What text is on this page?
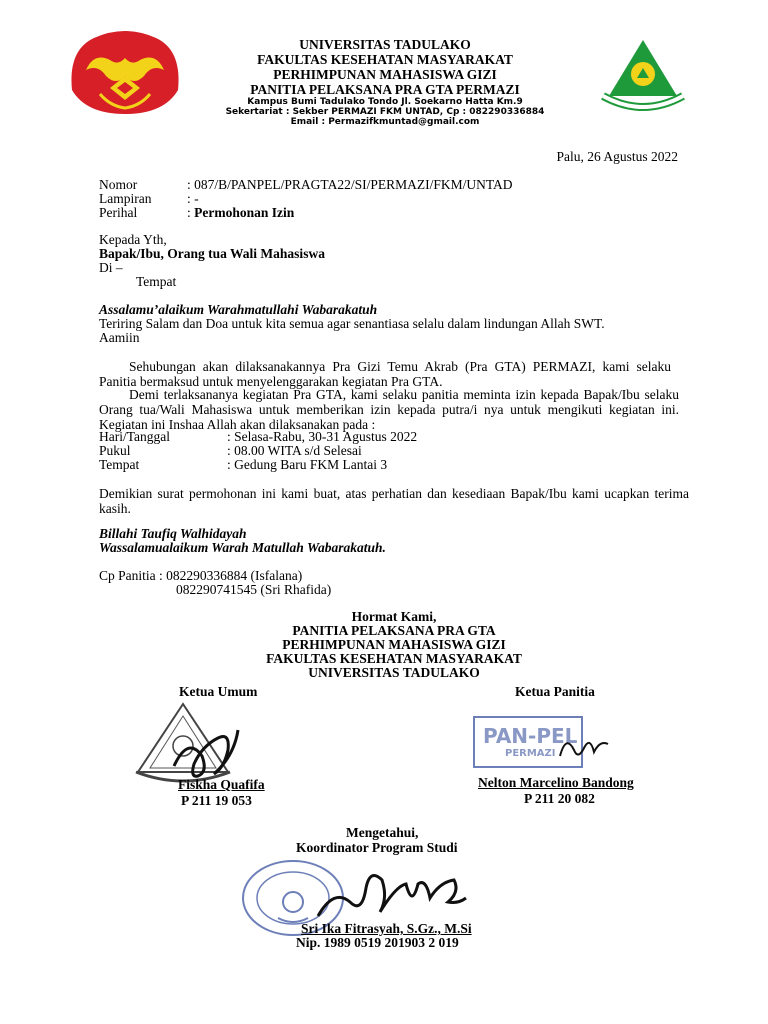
UNIVERSITAS TADULAKO
FAKULTAS KESEHATAN MASYARAKAT
PERHIMPUNAN MAHASISWA GIZI
PANITIA PELAKSANA PRA GTA PERMAZI
Kampus Bumi Tadulako Tondo Jl. Soekarno Hatta Km.9
Sekertariat : Sekber PERMAZI FKM UNTAD, Cp : 082290336884
Email : Permazifkmuntad@gmail.com
Palu, 26 Agustus 2022
Nomor	: 087/B/PANPEL/PRAGTA22/SI/PERMAZI/FKM/UNTAD
Lampiran	: -
Perihal	: Permohonan Izin
Kepada Yth,
Bapak/Ibu, Orang tua Wali Mahasiswa
Di –
Tempat
Assalamu’alaikum Warahmatullahi Wabarakatuh
Teriring Salam dan Doa untuk kita semua agar senantiasa selalu dalam lindungan Allah SWT.
Aamiin
Sehubungan akan dilaksanakannya Pra Gizi Temu Akrab (Pra GTA) PERMAZI, kami selaku Panitia bermaksud untuk menyelenggarakan kegiatan Pra GTA.
Demi terlaksananya kegiatan Pra GTA, kami selaku panitia meminta izin kepada Bapak/Ibu selaku Orang tua/Wali Mahasiswa untuk memberikan izin kepada putra/i nya untuk mengikuti kegiatan ini. Kegiatan ini Inshaa Allah akan dilaksanakan pada :
Hari/Tanggal	: Selasa-Rabu, 30-31 Agustus 2022
Pukul	: 08.00 WITA s/d Selesai
Tempat	: Gedung Baru FKM Lantai 3
Demikian surat permohonan ini kami buat, atas perhatian dan kesediaan Bapak/Ibu kami ucapkan terima kasih.
Billahi Taufiq Walhidayah
Wassalamualaikum Warah Matullah Wabarakatuh.
Cp Panitia : 082290336884 (Isfalana)
082290741545 (Sri Rhafida)
Hormat Kami,
PANITIA PELAKSANA PRA GTA
PERHIMPUNAN MAHASISWA GIZI
FAKULTAS KESEHATAN MASYARAKAT
UNIVERSITAS TADULAKO
Ketua Umum
Fiskha Quafifa
P 211 19 053
Ketua Panitia
PAN-PEL
PERMAZI
Nelton Marcelino Bandong
P 211 20 082
Mengetahui,
Koordinator Program Studi
Sri Ika Fitrasyah, S.Gz., M.Si
Nip. 1989 0519 201903 2 019
